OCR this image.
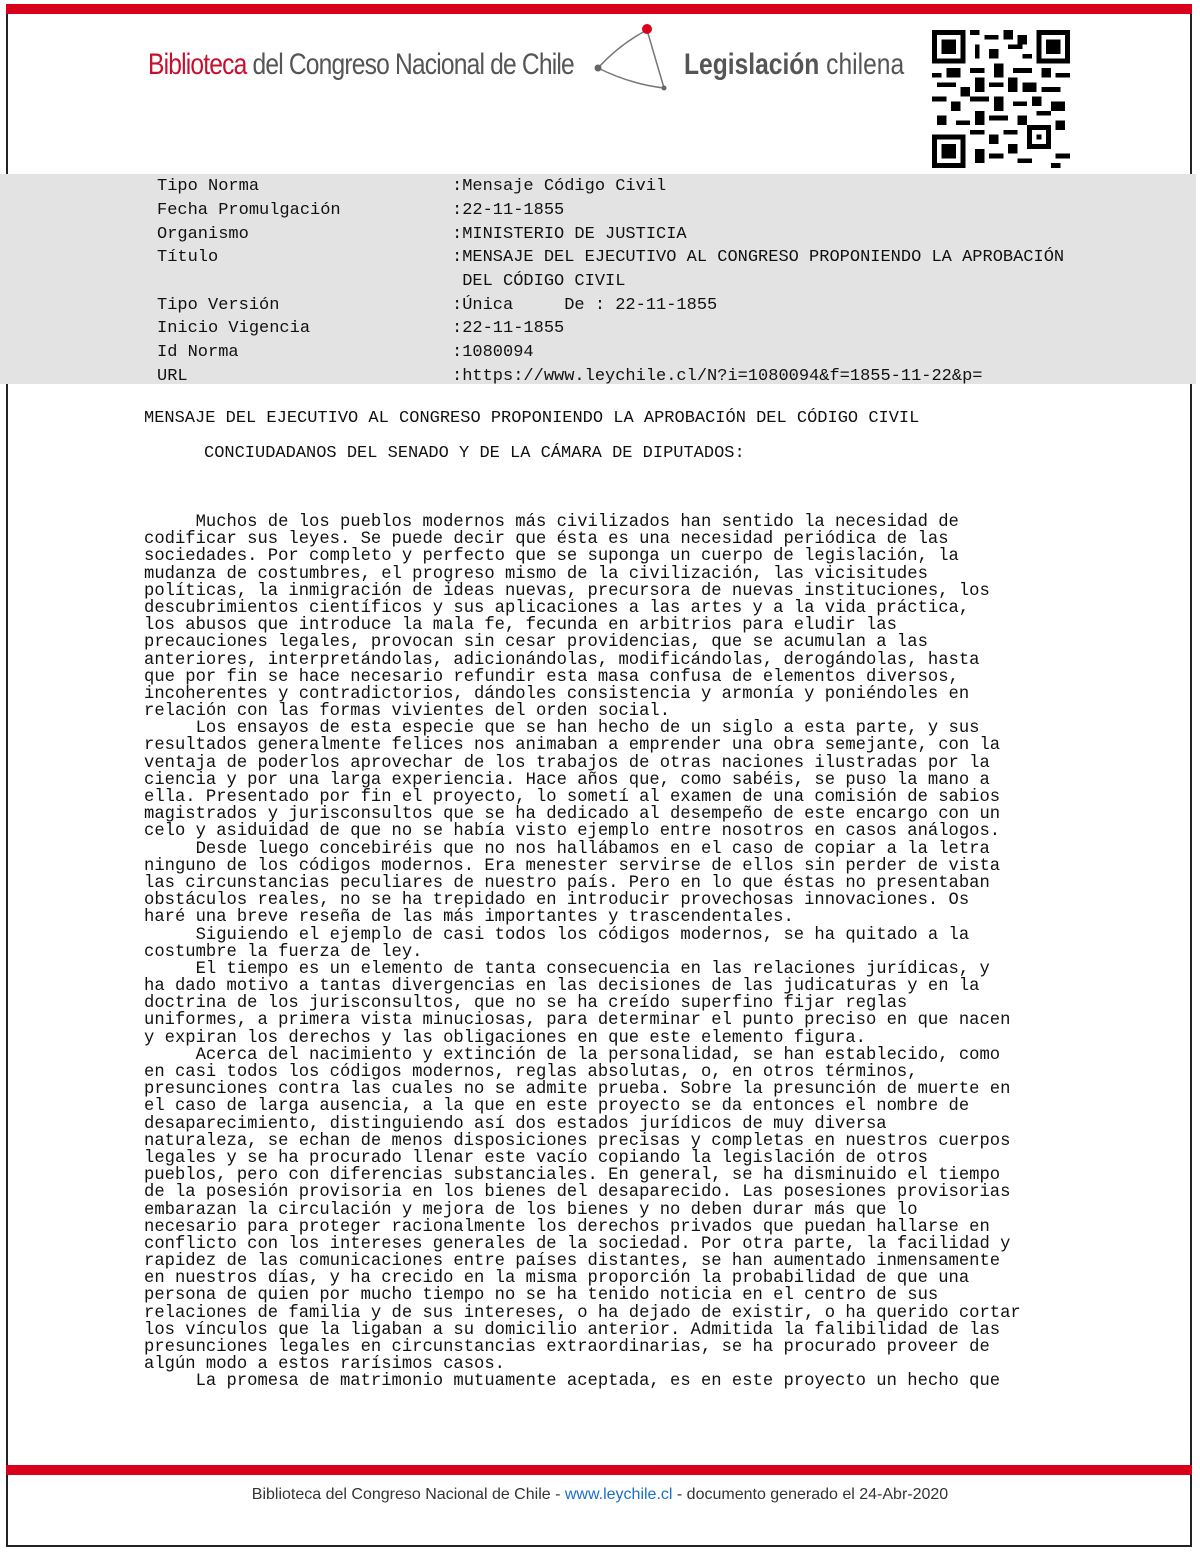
Biblioteca del Congreso Nacional de Chile	Legislación chilena
Tipo Norma	:Mensaje Código Civil
Fecha Promulgación	:22-11-1855
Organismo	:MINISTERIO DE JUSTICIA
Título	:MENSAJE DEL EJECUTIVO AL CONGRESO PROPONIENDO LA APROBACIÓN
DEL CÓDIGO CIVIL
Tipo Versión	:Única     De : 22-11-1855
Inicio Vigencia	:22-11-1855
Id Norma	:1080094
URL	:https://www.leychile.cl/N?i=1080094&f=1855-11-22&p=
MENSAJE DEL EJECUTIVO AL CONGRESO PROPONIENDO LA APROBACIÓN DEL CÓDIGO CIVIL
CONCIUDADANOS DEL SENADO Y DE LA CÁMARA DE DIPUTADOS:
Muchos de los pueblos modernos más civilizados han sentido la necesidad de
codificar sus leyes. Se puede decir que ésta es una necesidad periódica de las
sociedades. Por completo y perfecto que se suponga un cuerpo de legislación, la
mudanza de costumbres, el progreso mismo de la civilización, las vicisitudes
políticas, la inmigración de ideas nuevas, precursora de nuevas instituciones, los
descubrimientos científicos y sus aplicaciones a las artes y a la vida práctica,
los abusos que introduce la mala fe, fecunda en arbitrios para eludir las
precauciones legales, provocan sin cesar providencias, que se acumulan a las
anteriores, interpretándolas, adicionándolas, modificándolas, derogándolas, hasta
que por fin se hace necesario refundir esta masa confusa de elementos diversos,
incoherentes y contradictorios, dándoles consistencia y armonía y poniéndoles en
relación con las formas vivientes del orden social.
Los ensayos de esta especie que se han hecho de un siglo a esta parte, y sus
resultados generalmente felices nos animaban a emprender una obra semejante, con la
ventaja de poderlos aprovechar de los trabajos de otras naciones ilustradas por la
ciencia y por una larga experiencia. Hace años que, como sabéis, se puso la mano a
ella. Presentado por fin el proyecto, lo sometí al examen de una comisión de sabios
magistrados y jurisconsultos que se ha dedicado al desempeño de este encargo con un
celo y asiduidad de que no se había visto ejemplo entre nosotros en casos análogos.
Desde luego concebiréis que no nos hallábamos en el caso de copiar a la letra
ninguno de los códigos modernos. Era menester servirse de ellos sin perder de vista
las circunstancias peculiares de nuestro país. Pero en lo que éstas no presentaban
obstáculos reales, no se ha trepidado en introducir provechosas innovaciones. Os
haré una breve reseña de las más importantes y trascendentales.
Siguiendo el ejemplo de casi todos los códigos modernos, se ha quitado a la
costumbre la fuerza de ley.
El tiempo es un elemento de tanta consecuencia en las relaciones jurídicas, y
ha dado motivo a tantas divergencias en las decisiones de las judicaturas y en la
doctrina de los jurisconsultos, que no se ha creído superfino fijar reglas
uniformes, a primera vista minuciosas, para determinar el punto preciso en que nacen
y expiran los derechos y las obligaciones en que este elemento figura.
Acerca del nacimiento y extinción de la personalidad, se han establecido, como
en casi todos los códigos modernos, reglas absolutas, o, en otros términos,
presunciones contra las cuales no se admite prueba. Sobre la presunción de muerte en
el caso de larga ausencia, a la que en este proyecto se da entonces el nombre de
desaparecimiento, distinguiendo así dos estados jurídicos de muy diversa
naturaleza, se echan de menos disposiciones precisas y completas en nuestros cuerpos
legales y se ha procurado llenar este vacío copiando la legislación de otros
pueblos, pero con diferencias substanciales. En general, se ha disminuido el tiempo
de la posesión provisoria en los bienes del desaparecido. Las posesiones provisorias
embarazan la circulación y mejora de los bienes y no deben durar más que lo
necesario para proteger racionalmente los derechos privados que puedan hallarse en
conflicto con los intereses generales de la sociedad. Por otra parte, la facilidad y
rapidez de las comunicaciones entre países distantes, se han aumentado inmensamente
en nuestros días, y ha crecido en la misma proporción la probabilidad de que una
persona de quien por mucho tiempo no se ha tenido noticia en el centro de sus
relaciones de familia y de sus intereses, o ha dejado de existir, o ha querido cortar
los vínculos que la ligaban a su domicilio anterior. Admitida la falibilidad de las
presunciones legales en circunstancias extraordinarias, se ha procurado proveer de
algún modo a estos rarísimos casos.
La promesa de matrimonio mutuamente aceptada, es en este proyecto un hecho que
Biblioteca del Congreso Nacional de Chile - www.leychile.cl - documento generado el 24-Abr-2020
